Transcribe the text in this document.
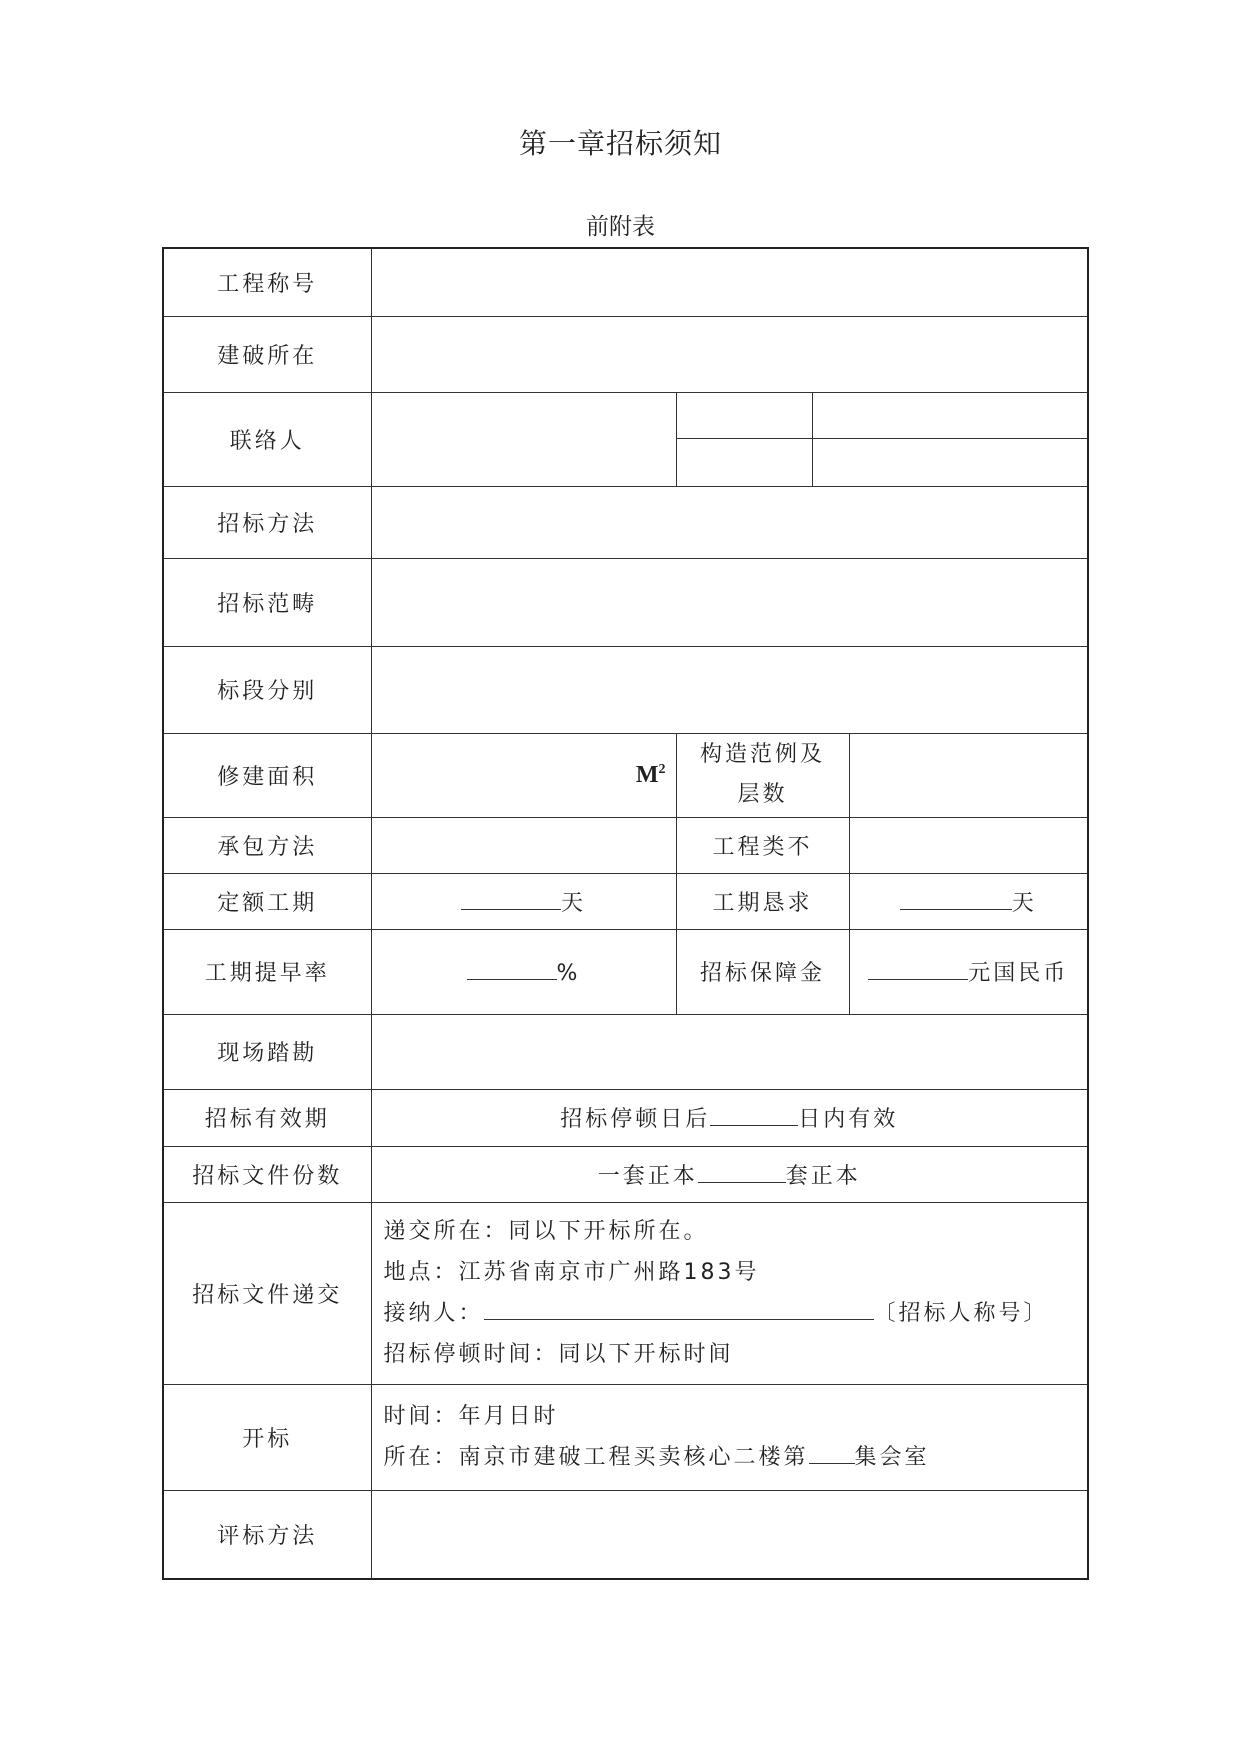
第一章招标须知
前附表
工程称号				
建破所在				
联络人				

招标方法				
招标范畴				
标段分别				
修建面积	$M^2$	构造范例及
层数		

承包方法		工程类不		
定额工期	天	工期恳求		天
工期提早率	%	招标保障金		元国民币
现场踏勘				
招标有效期	招标停顿日后 日内有效			
招标文件份数	一套正本 套正本			
招标文件递交	递交所在：同以下开标所在。
地点：江苏省南京市广州路183号
接纳人： 〔招标人称号〕
招标停顿时间：同以下开标时间			

开标	时间：年月日时
所在：南京市建破工程买卖核心二楼第 集会室			

评标方法				
